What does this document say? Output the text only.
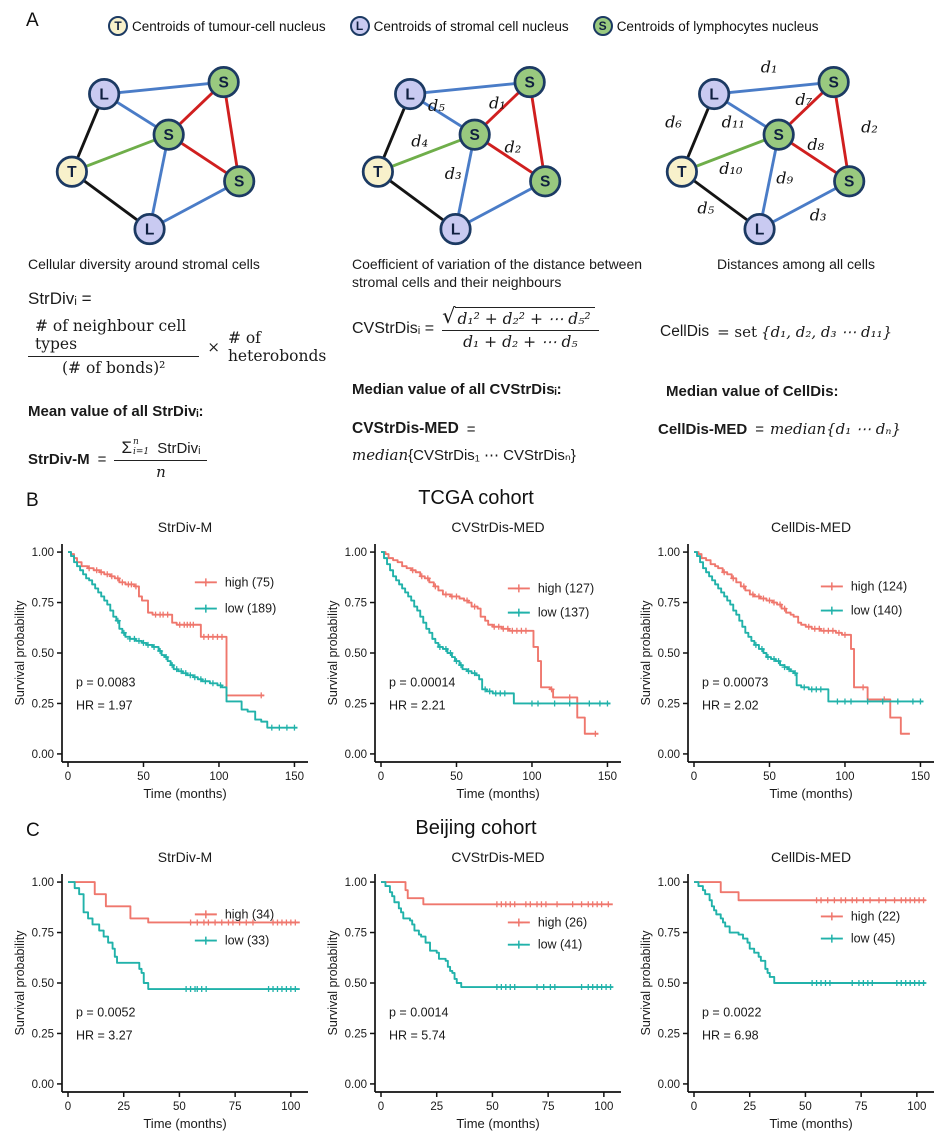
A	T Centroids of tumour-cell nucleus	L Centroids of stromal cell nucleus S Centroids of lymphocytes nucleus
L
S
S
T
S
L
d₅	d₁
d₄	d₂
d₃
L
S
S
T
S
L
d₁
d₆	d₁₁
d₇
d₂
d₈
d₁₀
d₉
d₅	d₃
L
S
S
T
S
L
Cellular diversity around stromal cells
StrDivᵢ =
$\frac{\text{\# of neighbour cell types}}{\text{(\# of bonds)²}}$ × # of heterobonds
Mean value of all StrDivᵢ:
StrDiv-M =
Σ n
i=1 StrDivᵢ
n
Coefficient of variation of the distance between stromal cells and their neighbours
CVStrDisᵢ = $\frac{\text{√ d₁² + d₂² + ⋯ d₅²}}{\text{d₁ + d₂ + ⋯ d₅}}$
Median value of all CVStrDisᵢ:
CVStrDis-MED =
median {CVStrDis₁ ⋯ CVStrDisₙ}
Distances among all cells
CellDis = set {d₁, d₂, d₃ ⋯ d₁₁}
Median value of CellDis:
CellDis-MED = median {d₁ ⋯ dₙ}
B	TCGA cohort
StrDiv-M
0.00
0.25
0.50
0.75
1.00
0	50	100	150
Time (months)
Survival probability
high (75)
low (189)
p = 0.0083
HR = 1.97
CVStrDis-MED
0.00
0.25
0.50
0.75
1.00
0	50	100	150
Time (months)
Survival probability
high (127)
low (137)
p = 0.00014
HR = 2.21
CellDis-MED
0.00
0.25
0.50
0.75
1.00
0	50	100	150
Time (months)
Survival probability
high (124)
low (140)
p = 0.00073
HR = 2.02
C	Beijing cohort
StrDiv-M
0.00
0.25
0.50
0.75
1.00
0	25	50	75	100
Time (months)
Survival probability
high (34)
low (33)
p = 0.0052
HR = 3.27
CVStrDis-MED
0.00
0.25
0.50
0.75
1.00
0	25	50	75	100
Time (months)
Survival probability
high (26)
low (41)
p = 0.0014
HR = 5.74
CellDis-MED
0.00
0.25
0.50
0.75
1.00
0	25	50	75	100
Time (months)
Survival probability
high (22)
low (45)
p = 0.0022
HR = 6.98
